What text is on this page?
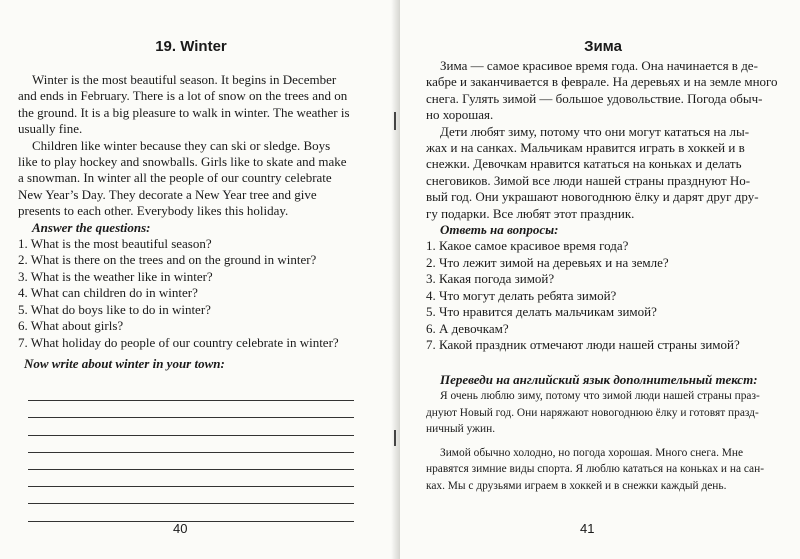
19. Winter
Winter is the most beautiful season. It begins in December
and ends in February. There is a lot of snow on the trees and on
the ground. It is a big pleasure to walk in winter. The weather is
usually fine.
Children like winter because they can ski or sledge. Boys
like to play hockey and snowballs. Girls like to skate and make
a snowman. In winter all the people of our country celebrate
New Year’s Day. They decorate a New Year tree and give
presents to each other. Everybody likes this holiday.
Answer the questions:
1. What is the most beautiful season?
2. What is there on the trees and on the ground in winter?
3. What is the weather like in winter?
4. What can children do in winter?
5. What do boys like to do in winter?
6. What about girls?
7. What holiday do people of our country celebrate in winter?
Now write about winter in your town:
40
Зима
Зима — самое красивое время года. Она начинается в де-
кабре и заканчивается в феврале. На деревьях и на земле много
снега. Гулять зимой — большое удовольствие. Погода обыч-
но хорошая.
Дети любят зиму, потому что они могут кататься на лы-
жах и на санках. Мальчикам нравится играть в хоккей и в
снежки. Девочкам нравится кататься на коньках и делать
снеговиков. Зимой все люди нашей страны празднуют Но-
вый год. Они украшают новогоднюю ёлку и дарят друг дру-
гу подарки. Все любят этот праздник.
Ответь на вопросы:
1. Какое самое красивое время года?
2. Что лежит зимой на деревьях и на земле?
3. Какая погода зимой?
4. Что могут делать ребята зимой?
5. Что нравится делать мальчикам зимой?
6. А девочкам?
7. Какой праздник отмечают люди нашей страны зимой?
Переведи на английский язык дополнительный текст:
Я очень люблю зиму, потому что зимой люди нашей страны праз-
днуют Новый год. Они наряжают новогоднюю ёлку и готовят празд-
ничный ужин.
Зимой обычно холодно, но погода хорошая. Много снега. Мне
нравятся зимние виды спорта. Я люблю кататься на коньках и на сан-
ках. Мы с друзьями играем в хоккей и в снежки каждый день.
41
